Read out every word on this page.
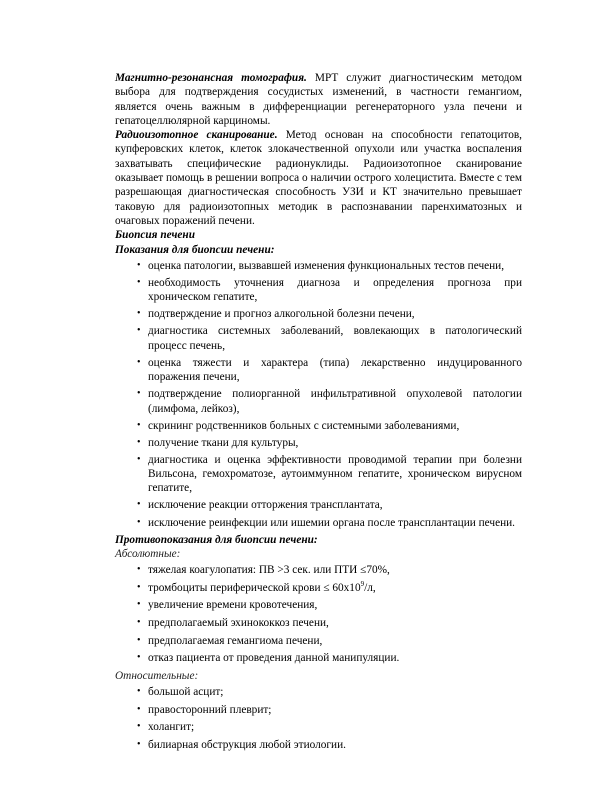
Магнитно-резонансная томография. МРТ служит диагностическим методом выбора для подтверждения сосудистых изменений, в частности гемангиом, является очень важным в дифференциации регенераторного узла печени и гепатоцеллюлярной карциномы.

Радиоизотопное сканирование. Метод основан на способности гепатоцитов, купферовских клеток, клеток злокачественной опухоли или участка воспаления захватывать специфические радионуклиды. Радиоизотопное сканирование оказывает помощь в решении вопроса о наличии острого холецистита. Вместе с тем разрешающая диагностическая способность УЗИ и КТ значительно превышает таковую для радиоизотопных методик в распознавании паренхиматозных и очаговых поражений печени.

Биопсия печени

Показания для биопсии печени:

• оценка патологии, вызвавшей изменения функциональных тестов печени,
• необходимость уточнения диагноза и определения прогноза при хроническом гепатите,
• подтверждение и прогноз алкогольной болезни печени,
• диагностика системных заболеваний, вовлекающих в патологический процесс печень,
• оценка тяжести и характера (типа) лекарственно индуцированного поражения печени,
• подтверждение полиорганной инфильтративной опухолевой патологии (лимфома, лейкоз),
• скрининг родственников больных с системными заболеваниями,
• получение ткани для культуры,
• диагностика и оценка эффективности проводимой терапии при болезни Вильсона, гемохроматозе, аутоиммунном гепатите, хроническом вирусном гепатите,
• исключение реакции отторжения трансплантата,
• исключение реинфекции или ишемии органа после трансплантации печени.

Противопоказания для биопсии печени:

Абсолютные:

• тяжелая коагулопатия: ПВ >3 сек. или ПТИ ≤70%,
• тромбоциты периферической крови ≤ $60х10^9/л$,
• увеличение времени кровотечения,
• предполагаемый эхинококкоз печени,
• предполагаемая гемангиома печени,
• отказ пациента от проведения данной манипуляции.

Относительные:

• большой асцит;
• правосторонний плеврит;
• холангит;
• билиарная обструкция любой этиологии.
